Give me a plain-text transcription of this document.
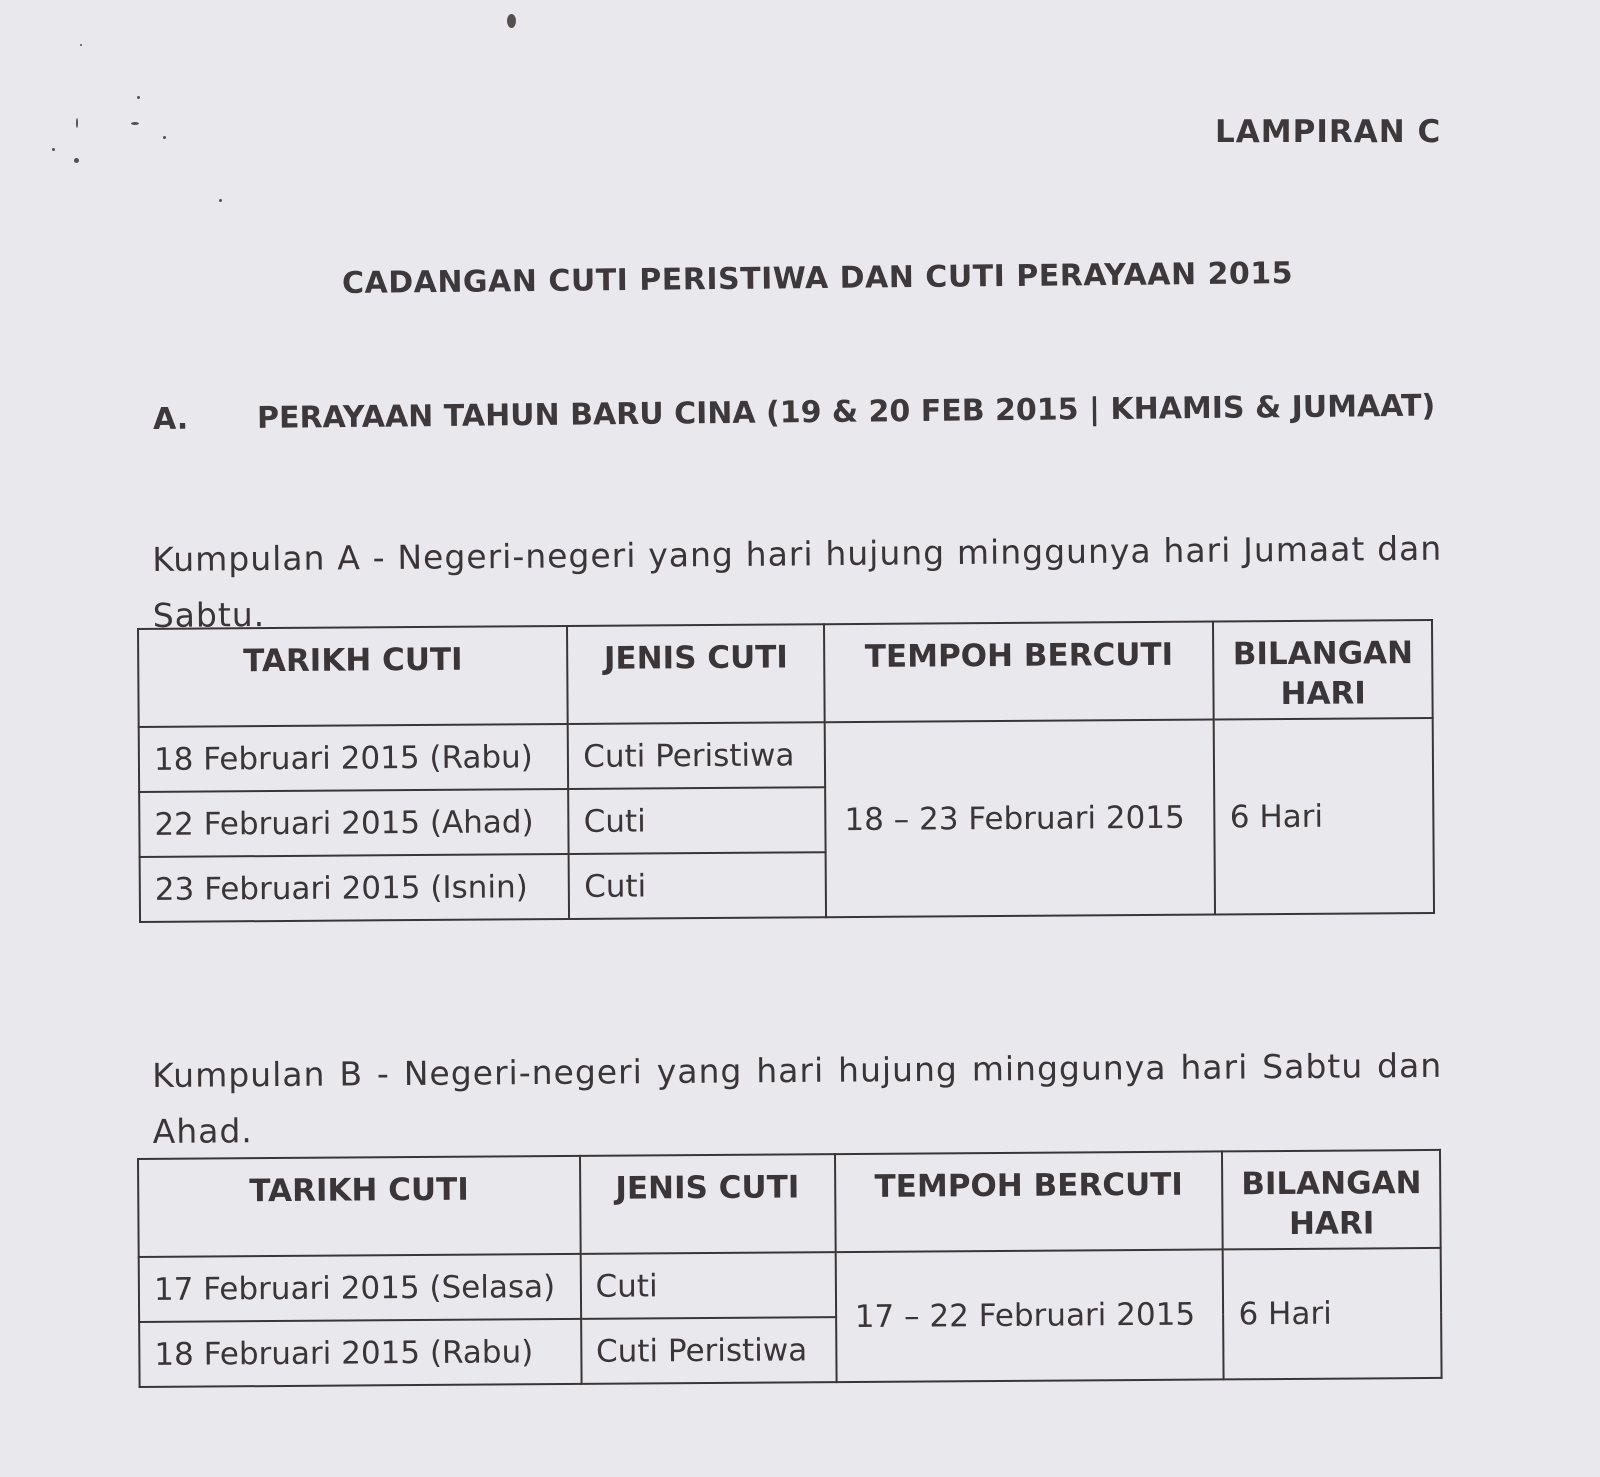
LAMPIRAN C
CADANGAN CUTI PERISTIWA DAN CUTI PERAYAAN 2015
A. PERAYAAN TAHUN BARU CINA (19 & 20 FEB 2015 | KHAMIS & JUMAAT)
Kumpulan A - Negeri-negeri yang hari hujung minggunya hari Jumaat dan Sabtu.
TARIKH CUTI	JENIS CUTI	TEMPOH BERCUTI	BILANGAN HARI
18 Februari 2015 (Rabu)	Cuti Peristiwa	18 – 23 Februari 2015	6 Hari
22 Februari 2015 (Ahad)	Cuti		
23 Februari 2015 (Isnin)	Cuti		
Kumpulan B - Negeri-negeri yang hari hujung minggunya hari Sabtu dan Ahad.
TARIKH CUTI	JENIS CUTI	TEMPOH BERCUTI	BILANGAN HARI
17 Februari 2015 (Selasa)	Cuti	17 – 22 Februari 2015	6 Hari
18 Februari 2015 (Rabu)	Cuti Peristiwa		
